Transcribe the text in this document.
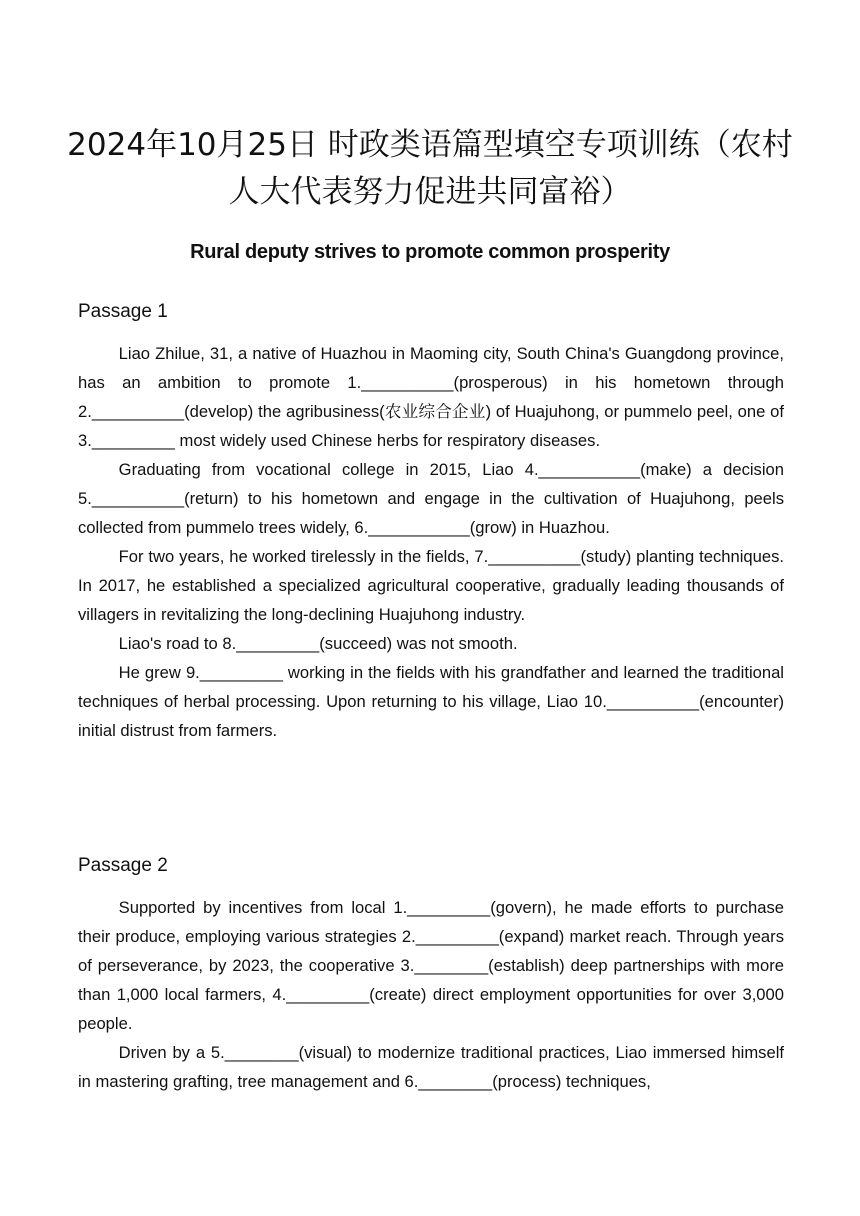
2024年10月25日 时政类语篇型填空专项训练（农村人大代表努力促进共同富裕）
Rural deputy strives to promote common prosperity
Passage 1

Liao Zhilue, 31, a native of Huazhou in Maoming city, South China's Guangdong province, has an ambition to promote 1.__________(prosperous) in his hometown through 2.__________(develop) the agribusiness(农业综合企业) of Huajuhong, or pummelo peel, one of 3._________ most widely used Chinese herbs for respiratory diseases.

Graduating from vocational college in 2015, Liao 4.___________(make) a decision 5.__________(return) to his hometown and engage in the cultivation of Huajuhong, peels collected from pummelo trees widely, 6.___________(grow) in Huazhou.

For two years, he worked tirelessly in the fields, 7.__________(study) planting techniques. In 2017, he established a specialized agricultural cooperative, gradually leading thousands of villagers in revitalizing the long-declining Huajuhong industry.

Liao's road to 8._________(succeed) was not smooth.

He grew 9._________ working in the fields with his grandfather and learned the traditional techniques of herbal processing. Upon returning to his village, Liao 10.__________(encounter) initial distrust from farmers.

Passage 2

Supported by incentives from local 1._________(govern), he made efforts to purchase their produce, employing various strategies 2._________(expand) market reach. Through years of perseverance, by 2023, the cooperative 3.________(establish) deep partnerships with more than 1,000 local farmers, 4._________(create) direct employment opportunities for over 3,000 people.

Driven by a 5.________(visual) to modernize traditional practices, Liao immersed himself in mastering grafting, tree management and 6.________(process) techniques,
